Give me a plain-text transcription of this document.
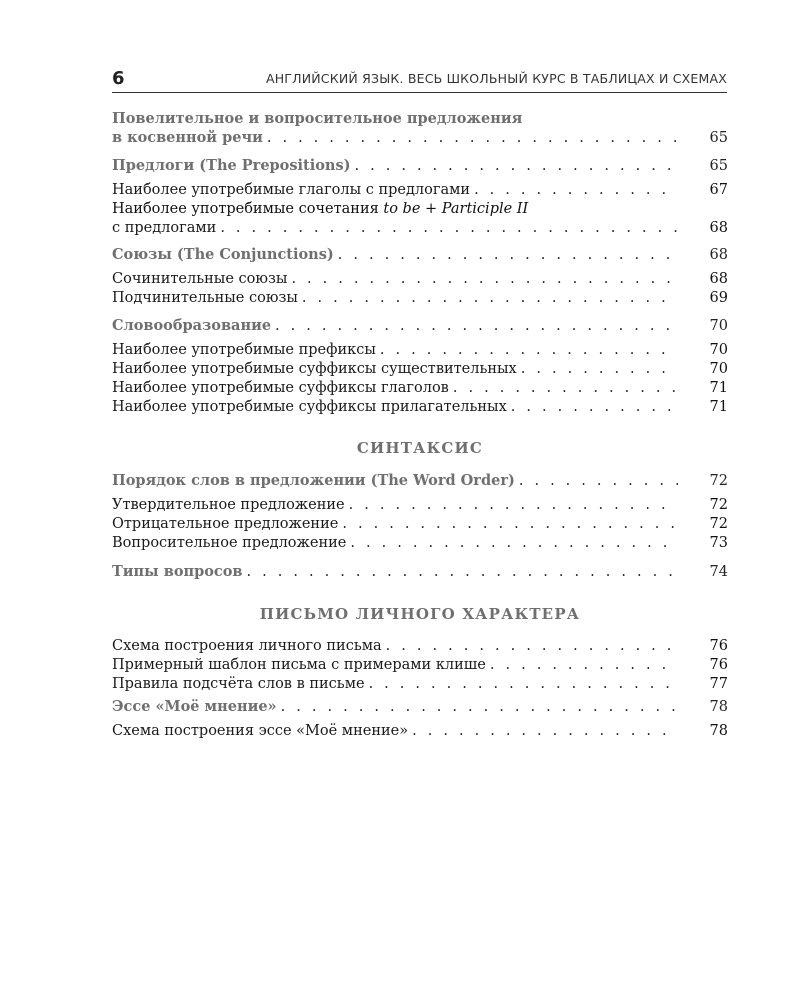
6	АНГЛИЙСКИЙ ЯЗЫК. ВЕСЬ ШКОЛЬНЫЙ КУРС В ТАБЛИЦАХ И СХЕМАХ
Повелительное и вопросительное предложения
в косвенной речи . . .	65
Предлоги (The Prepositions) . . .	65
Наиболее употребимые глаголы с предлогами . . .	67
Наиболее употребимые сочетания to be + Participle II
с предлогами . . .	68
Союзы (The Conjunctions) . . .	68
Сочинительные союзы . . .	68
Подчинительные союзы . . .	69
Словообразование . . .	70
Наиболее употребимые префиксы . . .	70
Наиболее употребимые суффиксы существительных . . .	70
Наиболее употребимые суффиксы глаголов . . .	71
Наиболее употребимые суффиксы прилагательных . . .	71
СИНТАКСИС
Порядок слов в предложении (The Word Order) . . .	72
Утвердительное предложение . . .	72
Отрицательное предложение . . .	72
Вопросительное предложение . . .	73
Типы вопросов . . .	74
ПИСЬМО ЛИЧНОГО ХАРАКТЕРА
Схема построения личного письма . . .	76
Примерный шаблон письма с примерами клише . . .	76
Правила подсчёта слов в письме . . .	77
Эссе «Моё мнение» . . .	78
Схема построения эссе «Моё мнение» . . .	78
